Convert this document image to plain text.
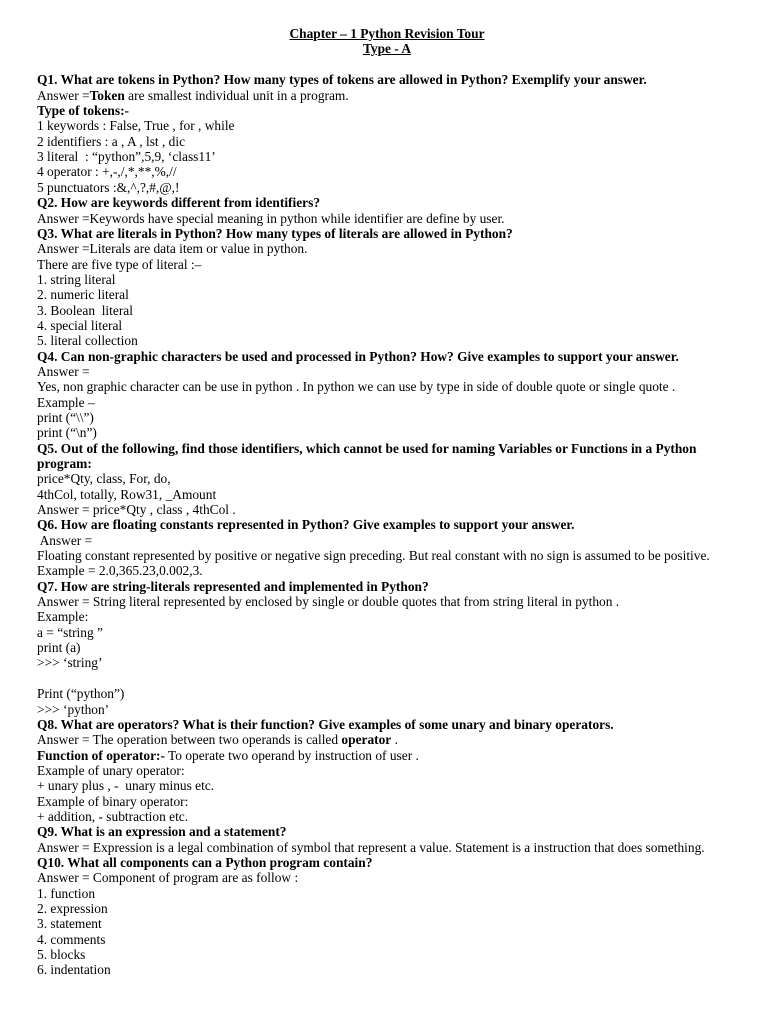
Chapter – 1 Python Revision Tour
Type - A
Q1. What are tokens in Python? How many types of tokens are allowed in Python? Exemplify your answer.
Answer =Token are smallest individual unit in a program.
Type of tokens:-
1 keywords : False, True , for , while
2 identifiers : a , A , lst , dic
3 literal  : “python”,5,9, ‘class11’
4 operator : +,-,/,*,**,%,//
5 punctuators :&,^,?,#,@,!
Q2. How are keywords different from identifiers?
Answer =Keywords have special meaning in python while identifier are define by user.
Q3. What are literals in Python? How many types of literals are allowed in Python?
Answer =Literals are data item or value in python.
There are five type of literal :–
1. string literal
2. numeric literal
3. Boolean  literal
4. special literal
5. literal collection
Q4. Can non-graphic characters be used and processed in Python? How? Give examples to support your answer.
Answer =
Yes, non graphic character can be use in python . In python we can use by type in side of double quote or single quote .
Example –
print (“\\”)
print (“\n”)
Q5. Out of the following, find those identifiers, which cannot be used for naming Variables or Functions in a Python program:
price*Qty, class, For, do,
4thCol, totally, Row31, _Amount
Answer = price*Qty , class , 4thCol .
Q6. How are floating constants represented in Python? Give examples to support your answer.
Answer =
Floating constant represented by positive or negative sign preceding. But real constant with no sign is assumed to be positive.
Example = 2.0,365.23,0.002,3.
Q7. How are string-literals represented and implemented in Python?
Answer = String literal represented by enclosed by single or double quotes that from string literal in python .
Example:
a = “string ”
print (a)
>>> ‘string’
Print (“python”)
>>> ‘python’
Q8. What are operators? What is their function? Give examples of some unary and binary operators.
Answer = The operation between two operands is called operator .
Function of operator:- To operate two operand by instruction of user .
Example of unary operator:
+ unary plus , -  unary minus etc.
Example of binary operator:
+ addition, - subtraction etc.
Q9. What is an expression and a statement?
Answer = Expression is a legal combination of symbol that represent a value. Statement is a instruction that does something.
Q10. What all components can a Python program contain?
Answer = Component of program are as follow :
1. function
2. expression
3. statement
4. comments
5. blocks
6. indentation
